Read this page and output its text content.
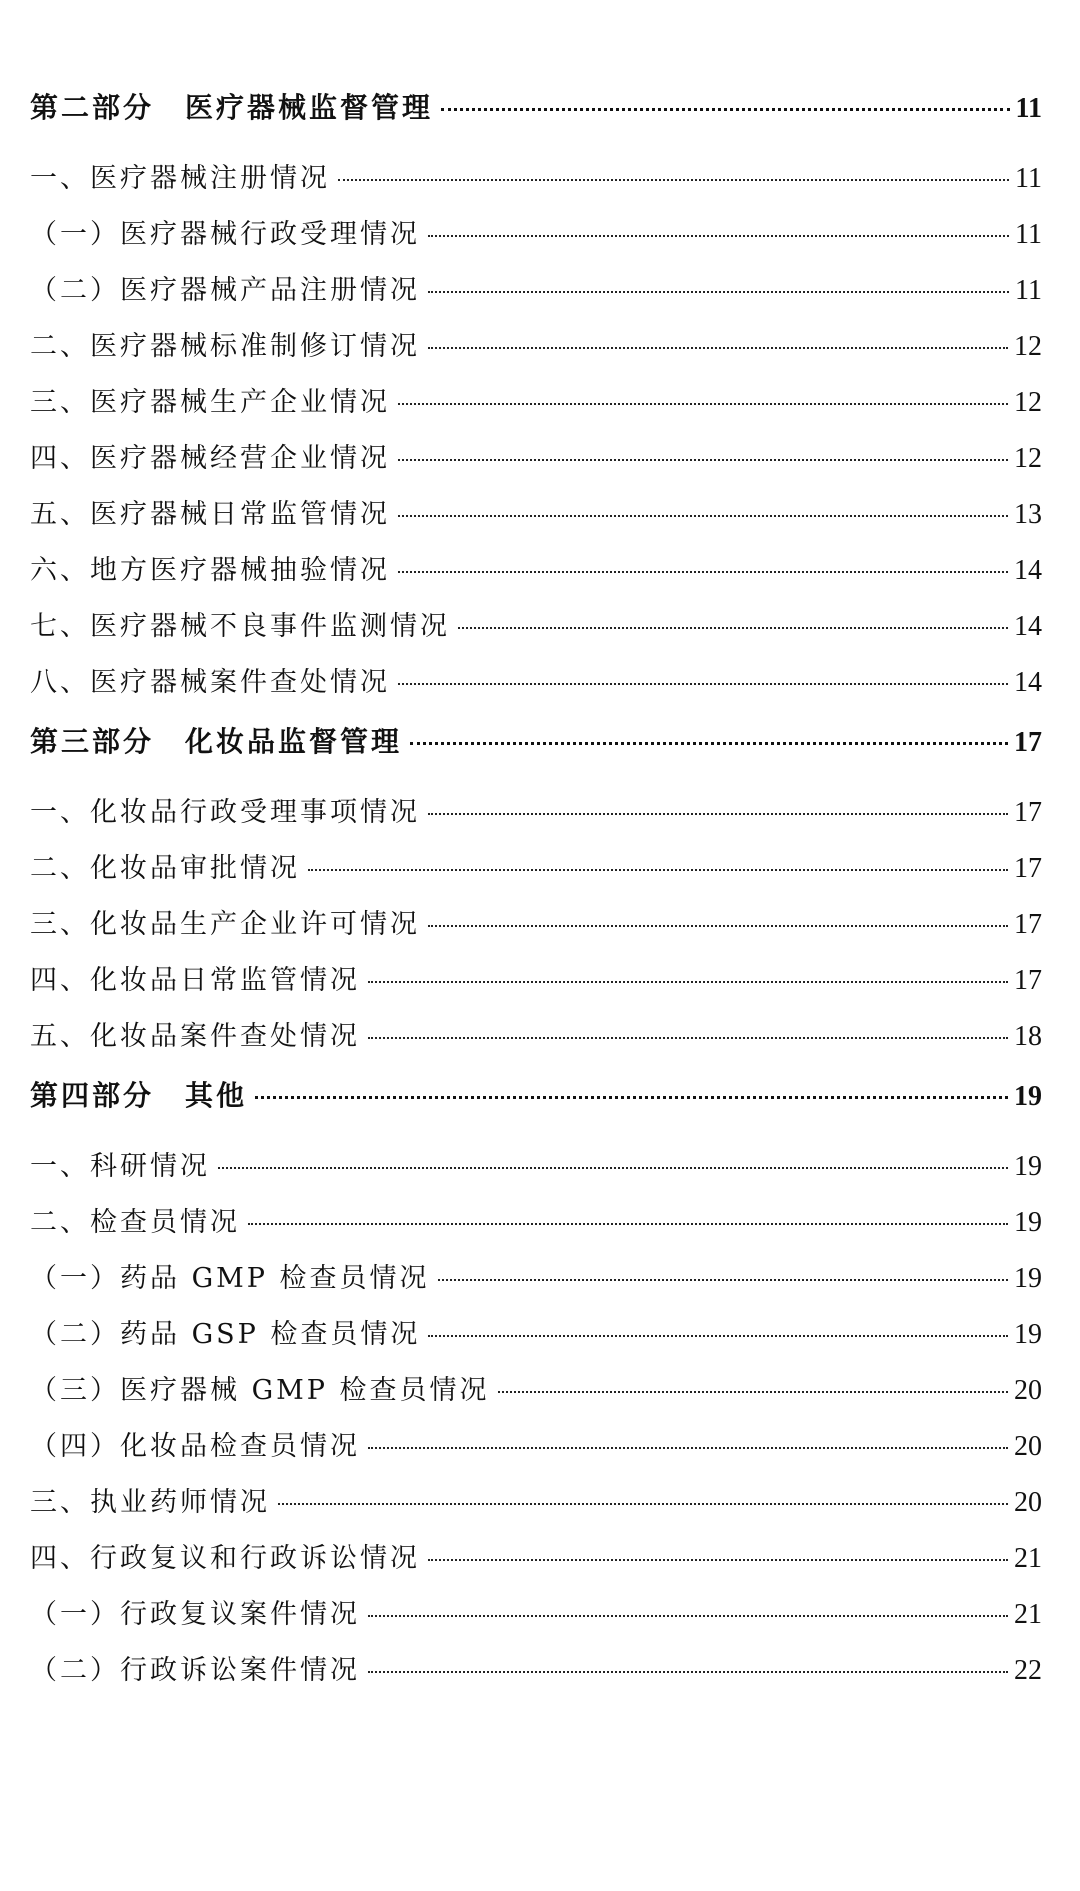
第二部分　医疗器械监督管理	11
一、医疗器械注册情况	11
（一）医疗器械行政受理情况	11
（二）医疗器械产品注册情况	11
二、医疗器械标准制修订情况	12
三、医疗器械生产企业情况	12
四、医疗器械经营企业情况	12
五、医疗器械日常监管情况	13
六、地方医疗器械抽验情况	14
七、医疗器械不良事件监测情况	14
八、医疗器械案件查处情况	14
第三部分　化妆品监督管理	17
一、化妆品行政受理事项情况	17
二、化妆品审批情况	17
三、化妆品生产企业许可情况	17
四、化妆品日常监管情况	17
五、化妆品案件查处情况	18
第四部分　其他	19
一、科研情况	19
二、检查员情况	19
（一）药品 GMP 检查员情况	19
（二）药品 GSP 检查员情况	19
（三）医疗器械 GMP 检查员情况	20
（四）化妆品检查员情况	20
三、执业药师情况	20
四、行政复议和行政诉讼情况	21
（一）行政复议案件情况	21
（二）行政诉讼案件情况	22
